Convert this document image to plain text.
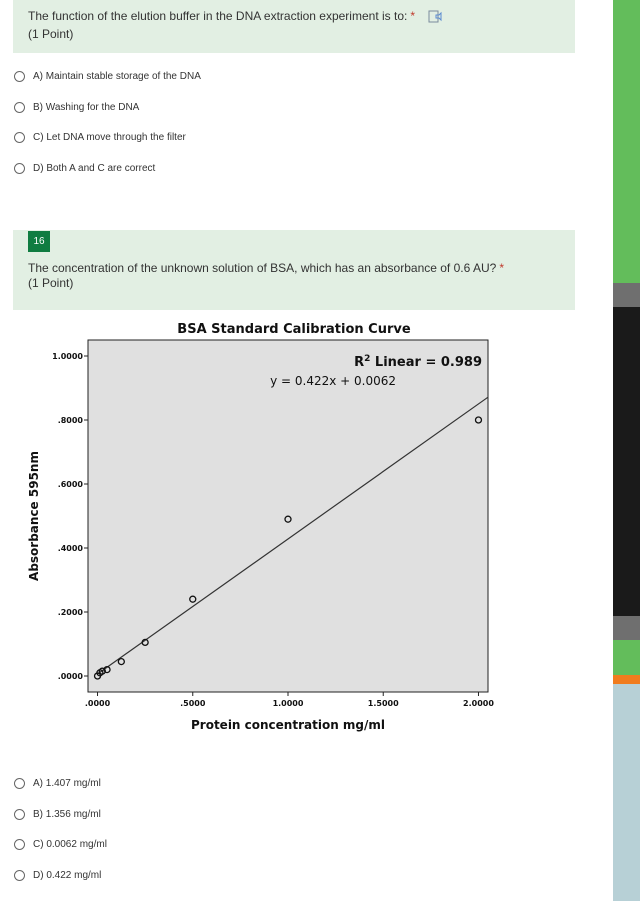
The function of the elution buffer in the DNA extraction experiment is to: *
(1 Point)
A) Maintain stable storage of the DNA
B) Washing for the DNA
C) Let DNA move through the filter
D) Both A and C are correct
16
The concentration of the unknown solution of BSA, which has an absorbance of 0.6 AU? *
(1 Point)
BSA Standard Calibration Curve
.0000
.2000
.4000
.6000
.8000
1.0000
.0000	.5000	1.0000	1.5000	2.0000
$R^2$ Linear = 0.989
y = 0.422x + 0.0062
Protein concentration mg/ml
Absorbance 595nm
A) 1.407 mg/ml
B) 1.356 mg/ml
C) 0.0062 mg/ml
D) 0.422 mg/ml
